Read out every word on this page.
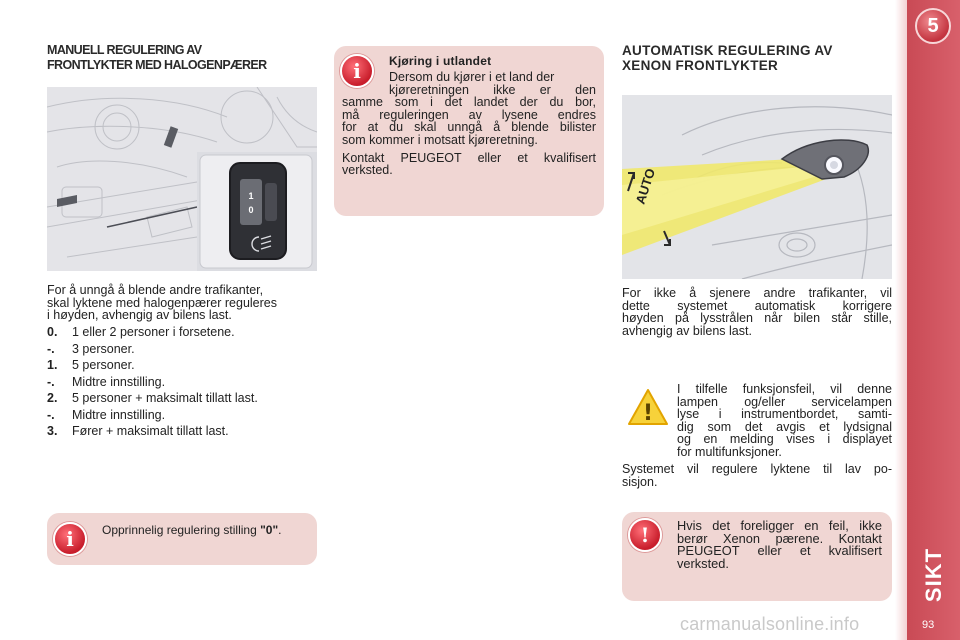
5
SIKT
93
MANUELL REGULERING AV
FRONTLYKTER MED HALOGENPÆRER
1
0
For å unngå å blende andre trafikanter,
skal lyktene med halogenpærer reguleres
i høyden, avhengig av bilens last.
0.	1 eller 2 personer i forsetene.
-.	3 personer.
1.	5 personer.
-.	Midtre innstilling.
2.	5 personer + maksimalt tillatt last.
-.	Midtre innstilling.
3.	Fører + maksimalt tillatt last.
i	Opprinnelig regulering stilling "0".
i	Kjøring i utlandet
Dersom du kjører i et land der
kjøreretningen ikke er den
samme som i det landet der du bor,
må reguleringen av lysene endres
for at du skal unngå å blende bilister
som kommer i motsatt kjøreretning.
Kontakt PEUGEOT eller et kvalifisert
verksted.
AUTOMATISK REGULERING AV
XENON FRONTLYKTER
AUTO
For ikke å sjenere andre trafikanter, vil
dette systemet automatisk korrigere
høyden på lysstrålen når bilen står stille,
avhengig av bilens last.
!
I tilfelle funksjonsfeil, vil denne
lampen og/eller servicelampen
lyse i instrumentbordet, samti-
dig som det avgis et lydsignal
og en melding vises i displayet
for multifunksjoner.
Systemet vil regulere lyktene til lav po-
sisjon.
!	Hvis det foreligger en feil, ikke
berør Xenon pærene. Kontakt
PEUGEOT eller et kvalifisert
verksted.
carmanualsonline.info
